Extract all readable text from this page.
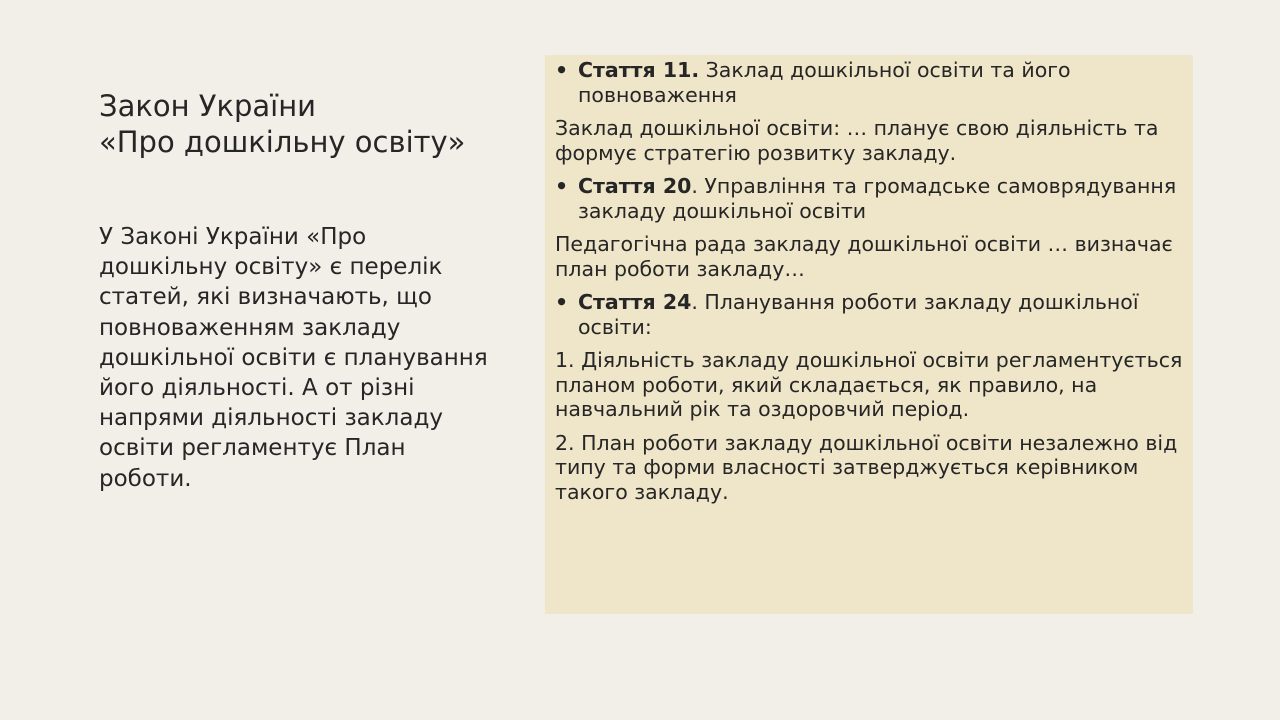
Закон України
«Про дошкільну освіту»

У Законі України «Про дошкільну освіту» є перелік статей, які визначають, що повноваженням закладу дошкільної освіти є планування його діяльності. А от різні напрями діяльності закладу освіти регламентує План роботи.

• Стаття 11. Заклад дошкільної освіти та його повноваження

Заклад дошкільної освіти: … планує свою діяльність та формує стратегію розвитку закладу.

• Стаття 20. Управління та громадське самоврядування закладу дошкільної освіти

Педагогічна рада закладу дошкільної освіти … визначає план роботи закладу…

• Стаття 24. Планування роботи закладу дошкільної освіти:

1. Діяльність закладу дошкільної освіти регламентується планом роботи, який складається, як правило, на навчальний рік та оздоровчий період.

2. План роботи закладу дошкільної освіти незалежно від типу та форми власності затверджується керівником такого закладу.
